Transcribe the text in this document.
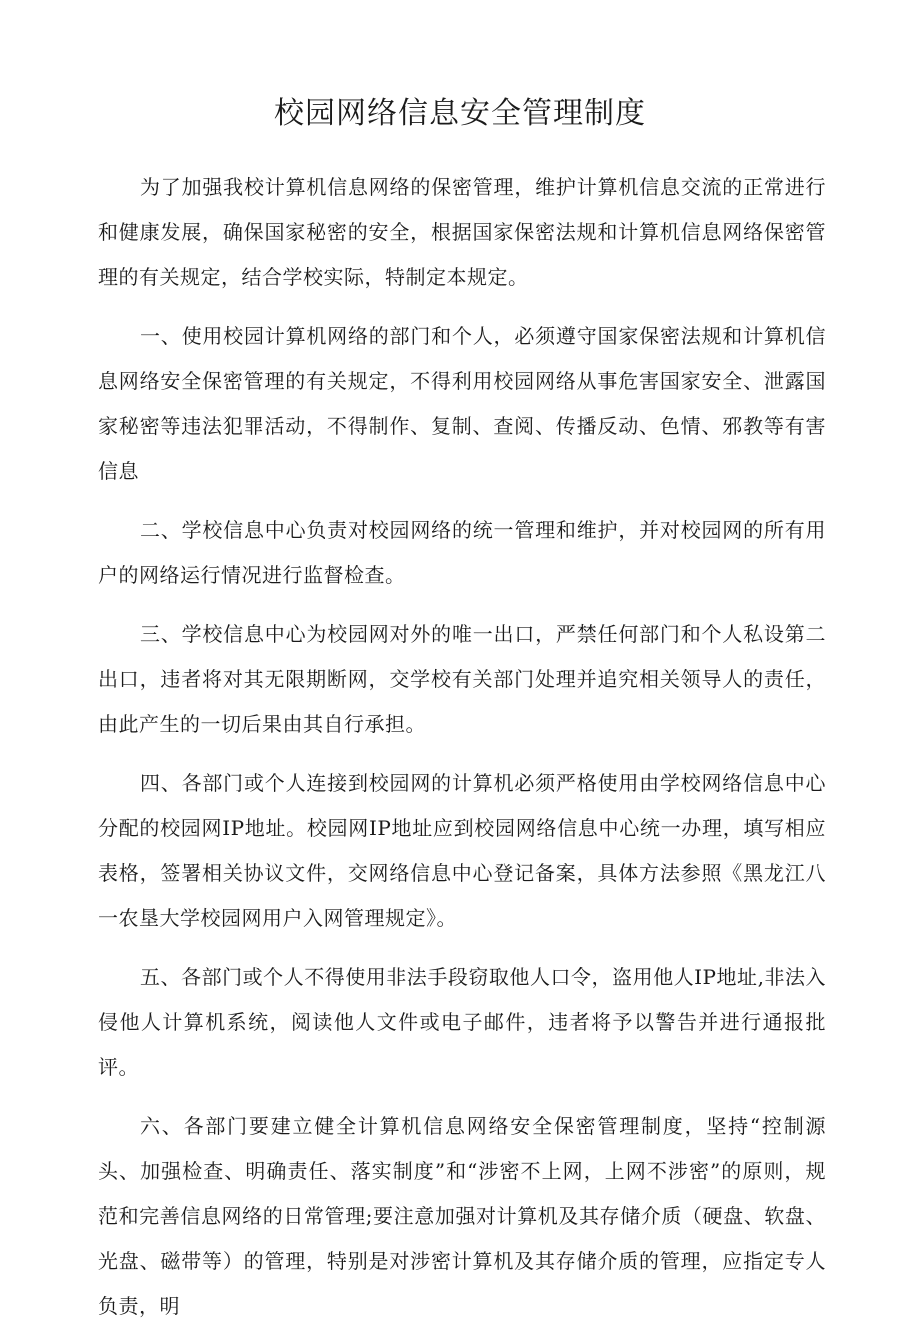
校园网络信息安全管理制度

为了加强我校计算机信息网络的保密管理，维护计算机信息交流的正常进行和健康发展，确保国家秘密的安全，根据国家保密法规和计算机信息网络保密管理的有关规定，结合学校实际，特制定本规定。

一、使用校园计算机网络的部门和个人，必须遵守国家保密法规和计算机信息网络安全保密管理的有关规定，不得利用校园网络从事危害国家安全、泄露国家秘密等违法犯罪活动，不得制作、复制、查阅、传播反动、色情、邪教等有害信息

二、学校信息中心负责对校园网络的统一管理和维护，并对校园网的所有用户的网络运行情况进行监督检查。

三、学校信息中心为校园网对外的唯一出口，严禁任何部门和个人私设第二出口，违者将对其无限期断网，交学校有关部门处理并追究相关领导人的责任，由此产生的一切后果由其自行承担。

四、各部门或个人连接到校园网的计算机必须严格使用由学校网络信息中心分配的校园网IP地址。校园网IP地址应到校园网络信息中心统一办理，填写相应表格，签署相关协议文件，交网络信息中心登记备案，具体方法参照《黑龙江八一农垦大学校园网用户入网管理规定》。

五、各部门或个人不得使用非法手段窃取他人口令，盗用他人IP地址,非法入侵他人计算机系统，阅读他人文件或电子邮件，违者将予以警告并进行通报批评。

六、各部门要建立健全计算机信息网络安全保密管理制度，坚持“控制源头、加强检查、明确责任、落实制度”和“涉密不上网，上网不涉密”的原则，规范和完善信息网络的日常管理;要注意加强对计算机及其存储介质（硬盘、软盘、光盘、磁带等）的管理，特别是对涉密计算机及其存储介质的管理，应指定专人负责，明
